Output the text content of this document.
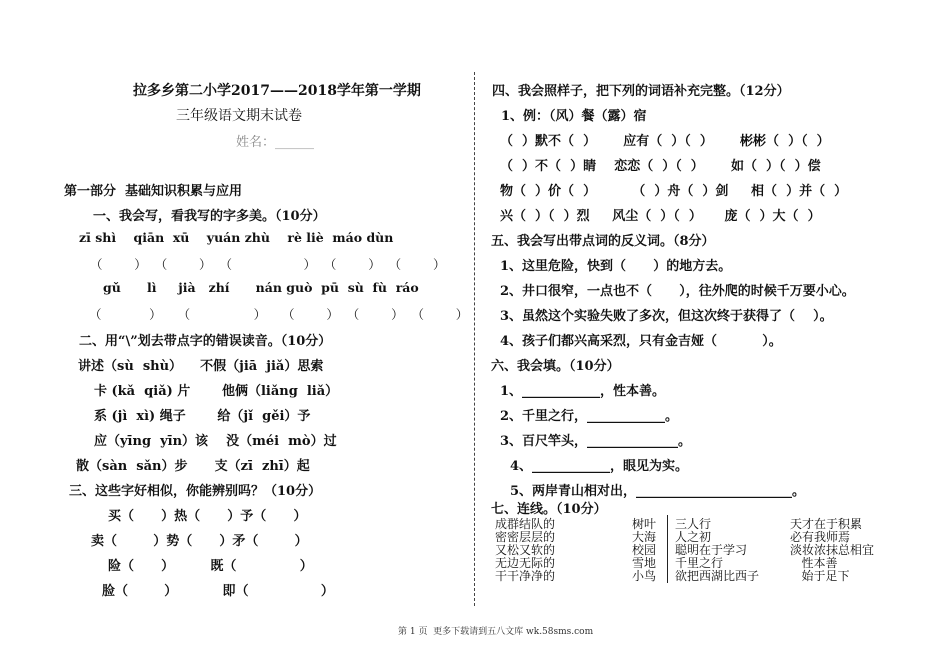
拉多乡第二小学2017——2018学年第一学期
三年级语文期末试卷
姓名：______
第一部分  基础知识积累与应用
一、我会写，看我写的字多美。（10分）
zī shì    qiān  xū    yuán zhù    rè liè  máo dùn
（        ）  （        ）  （                  ）  （        ）  （        ）
gǔ      lì     jià   zhí      nán guò  pū  sù  fù  ráo
（            ）    （                ）    （        ）  （        ）  （        ）
二、用“\”划去带点字的错误读音。（10分）
讲述（sù  shù）    不假（jiā  jiǎ）思索
卡 (kǎ  qiǎ) 片       他俩（liǎng  liǎ）
系 (jì  xì) 绳子       给（jǐ  gěi）予
应（yīng  yīn）该    没（méi  mò）过
散（sàn  sǎn）步      支（zī  zhī）起
三、这些字好相似，你能辨别吗？（10分）
买（      ）热（      ）予（      ）
卖（        ）势（      ）矛（        ）
险（      ）        既（              ）
脸（        ）          即（                ）
四、我会照样子，把下列的词语补充完整。（12分）
1、例：（风）餐（露）宿
（  ）默不（  ）      应有（  ）（  ）      彬彬（  ）（  ）
（  ）不（  ）睛    恋恋（  ）（  ）      如（  ）（  ）偿
物（  ）价（  ）        （  ）舟（  ）剑     相（  ）并（  ）
兴（  ）（  ）烈     风尘（  ）（  ）     庞（  ）大（  ）
五、我会写出带点词的反义词。（8分）
1、这里危险，快到（      ）的地方去。
2、井口很窄，一点也不（      ），往外爬的时候千万要小心。
3、虽然这个实验失败了多次，但这次终于获得了（    ）。
4、孩子们都兴高采烈，只有金吉娅（          ）。
六、我会填。（10分）
1、____________，性本善。
2、千里之行，____________。
3、百尺竿头，______________。
4、____________，眼见为实。
5、两岸青山相对出，________________________。
七、连线。（10分）
成群结队的
密密层层的
又松又软的
无边无际的
干干净净的
树叶
大海
校园
雪地
小鸟
三人行
人之初
聪明在于学习
千里之行
欲把西湖比西子
天才在于积累
必有我师焉
淡妆浓抹总相宜
性本善
始于足下
第 1 页  更多下载请到五八文库 wk.58sms.com
